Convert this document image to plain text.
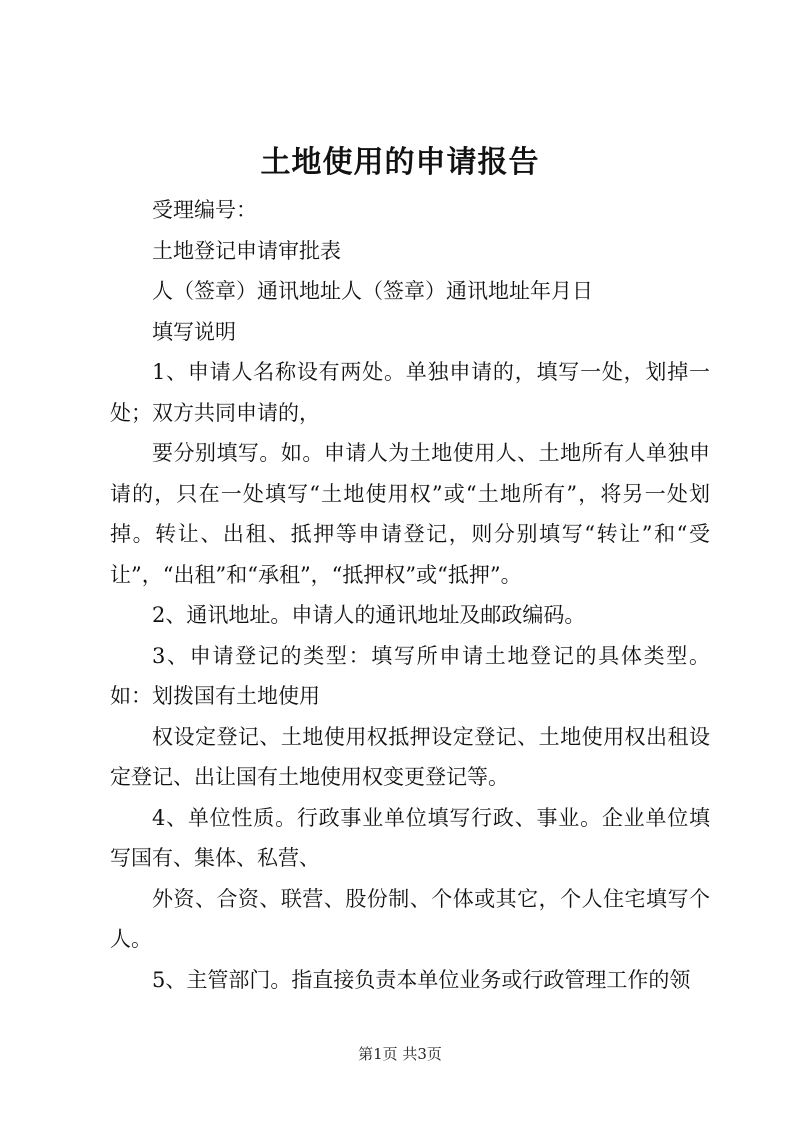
土地使用的申请报告

受理编号：

土地登记申请审批表

人（签章）通讯地址人（签章）通讯地址年月日

填写说明

1、申请人名称设有两处。单独申请的，填写一处，划掉一处；双方共同申请的，

要分别填写。如。申请人为土地使用人、土地所有人单独申请的，只在一处填写“土地使用权”或“土地所有”，将另一处划掉。转让、出租、抵押等申请登记，则分别填写“转让”和“受让”，“出租”和“承租”，“抵押权”或“抵押”。

2、通讯地址。申请人的通讯地址及邮政编码。

3、申请登记的类型：填写所申请土地登记的具体类型。如：划拨国有土地使用

权设定登记、土地使用权抵押设定登记、土地使用权出租设定登记、出让国有土地使用权变更登记等。

4、单位性质。行政事业单位填写行政、事业。企业单位填写国有、集体、私营、

外资、合资、联营、股份制、个体或其它，个人住宅填写个人。

5、主管部门。指直接负责本单位业务或行政管理工作的领

第1页 共3页
